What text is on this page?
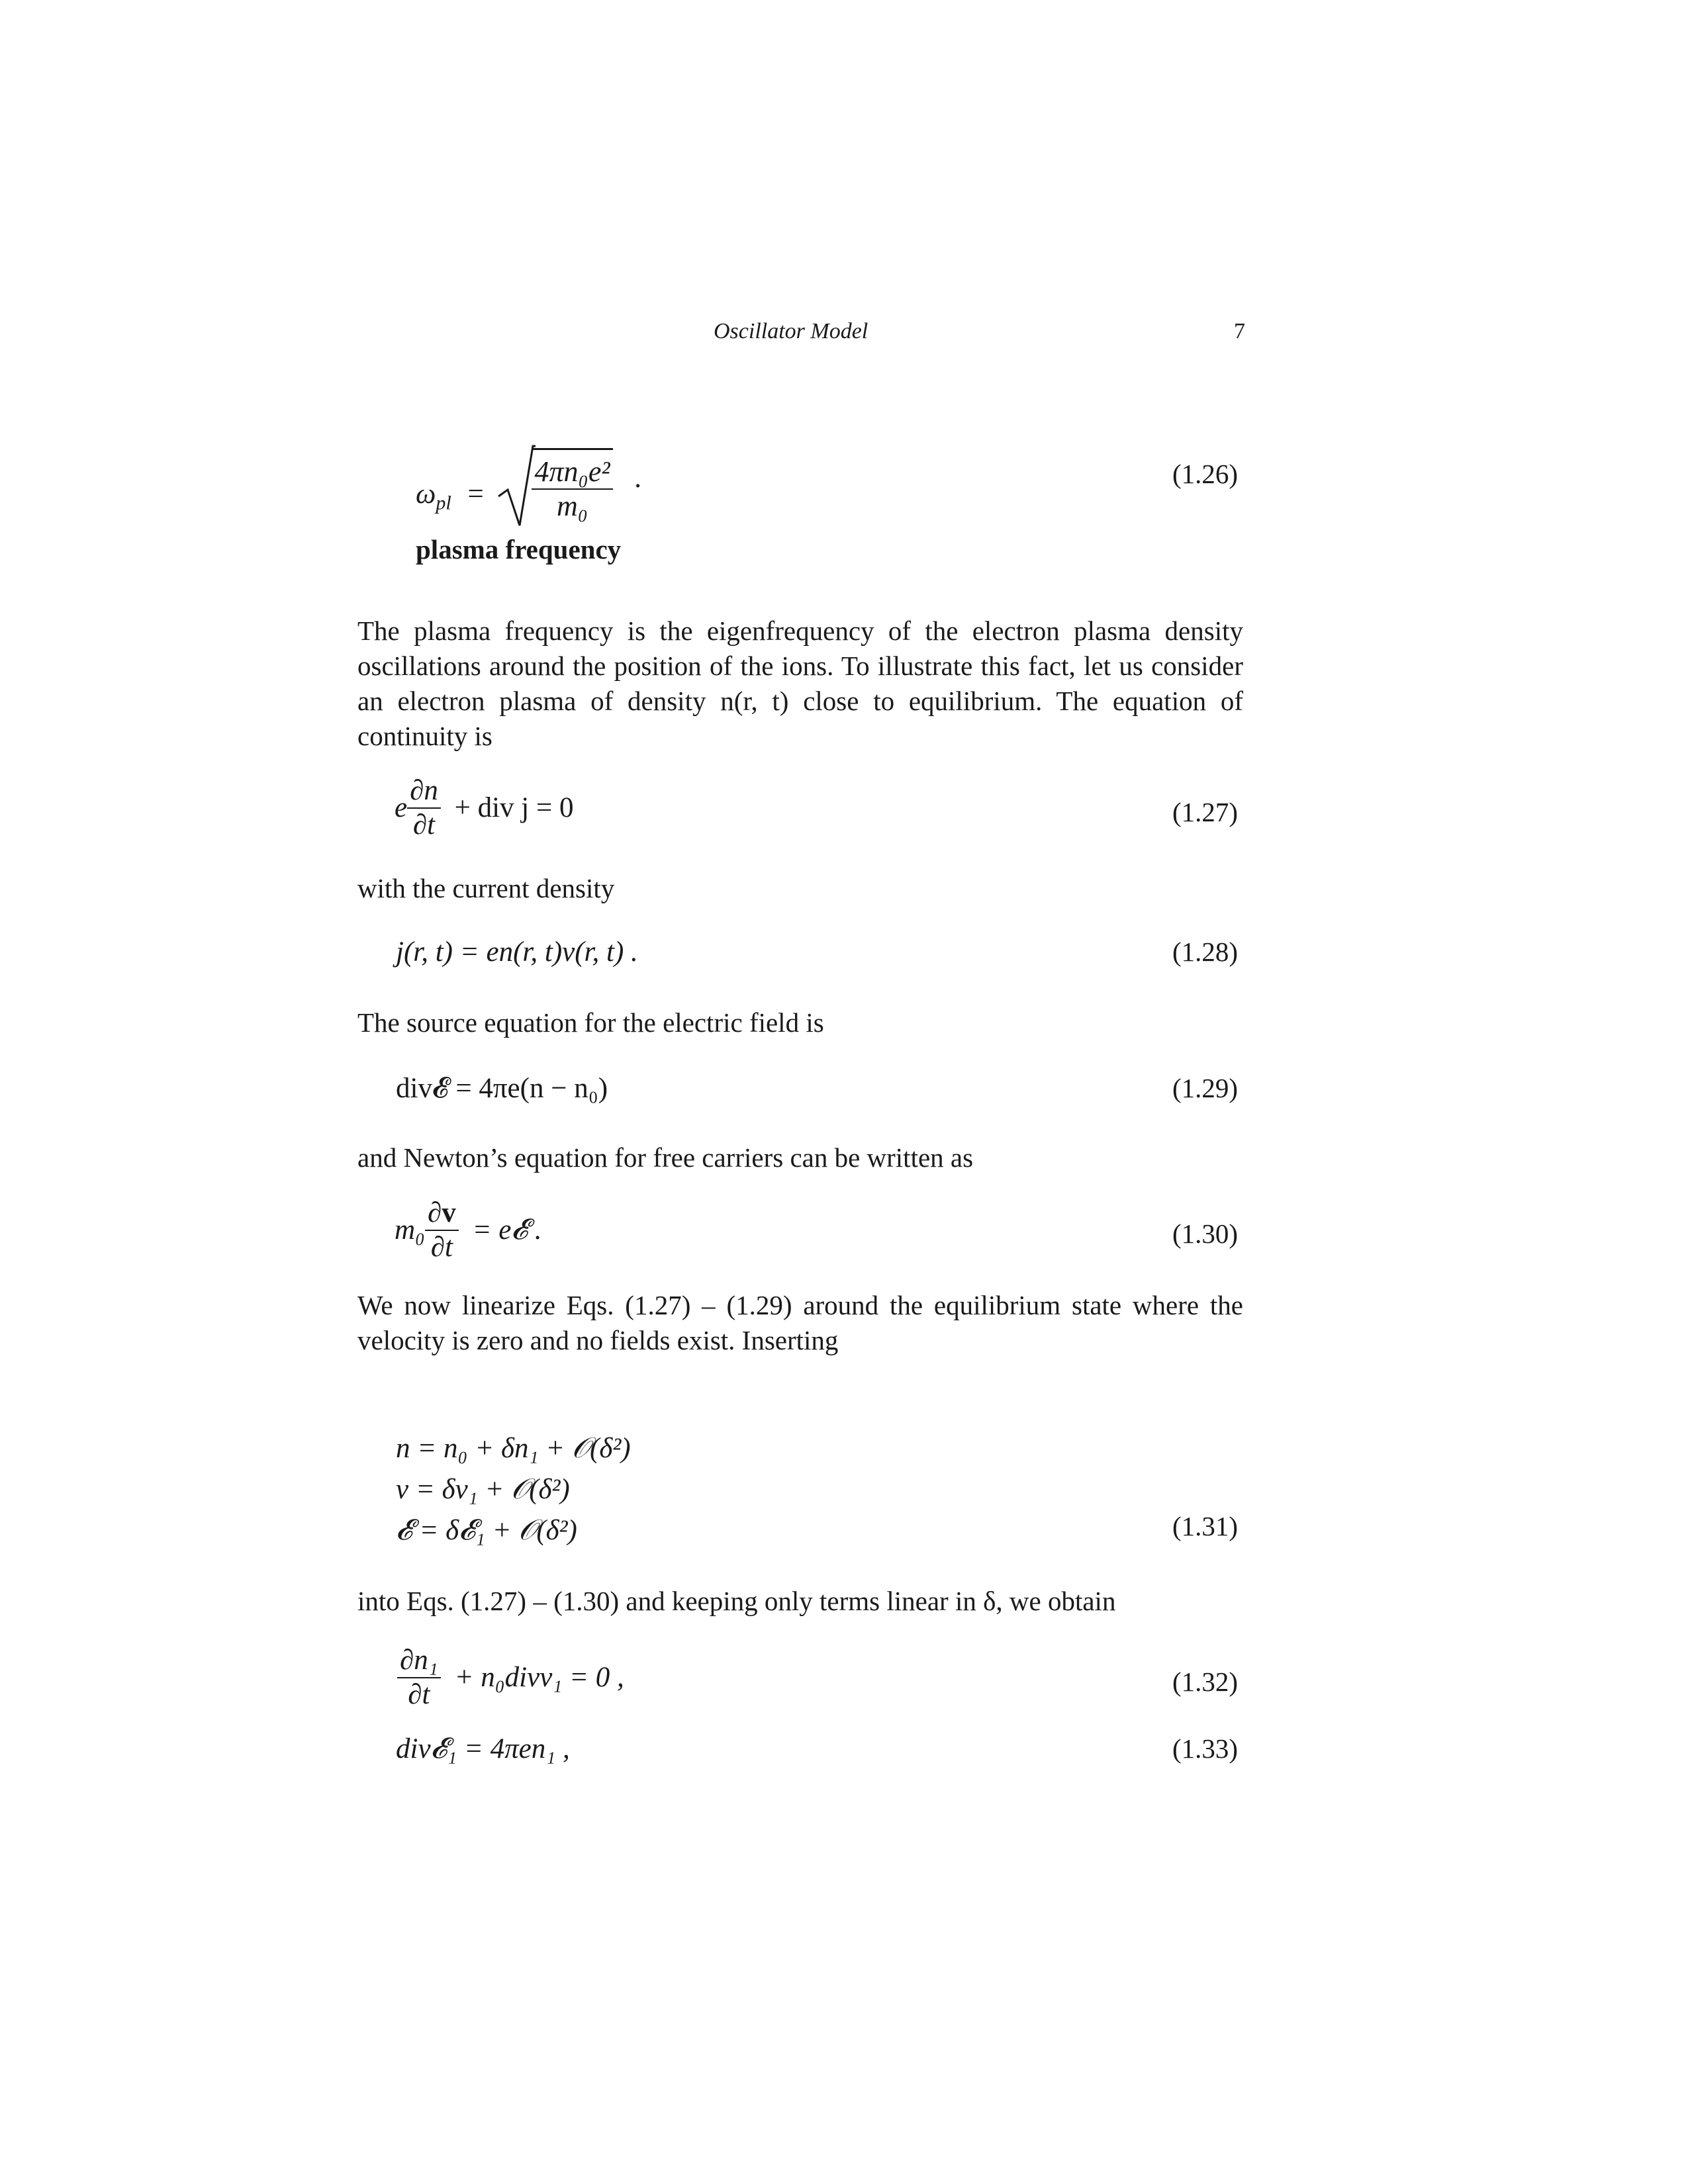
Oscillator Model	7
$\omega_{pl} = \frac{\text{4πn₀e²}}{\text{m₀}}$ .	(1.26)
plasma frequency
The plasma frequency is the eigenfrequency of the electron plasma density oscillations around the position of the ions. To illustrate this fact, let us consider an electron plasma of density n(r, t) close to equilibrium. The equation of continuity is
e $\frac{\partial n}{\partial t}$ + div j = 0	(1.27)
with the current density
j(r, t) = en(r, t)v(r, t) .	(1.28)
The source equation for the electric field is
div𝓔 = 4πe(n − n₀)	(1.29)
and Newton’s equation for free carriers can be written as
$m_0 \frac{\partial v}{\partial t}$ = e𝓔 .	(1.30)
We now linearize Eqs. (1.27) – (1.29) around the equilibrium state where the velocity is zero and no fields exist. Inserting
n = n₀ + δn₁ + 𝒪(δ²)
v = δv₁ + 𝒪(δ²)
𝓔 = δ𝓔₁ + 𝒪(δ²)	(1.31)
into Eqs. (1.27) – (1.30) and keeping only terms linear in δ, we obtain
$\frac{\text{∂n₁}}{\partial t}$ + n₀divv₁ = 0 ,	(1.32)
div𝓔₁ = 4πen₁ ,	(1.33)
